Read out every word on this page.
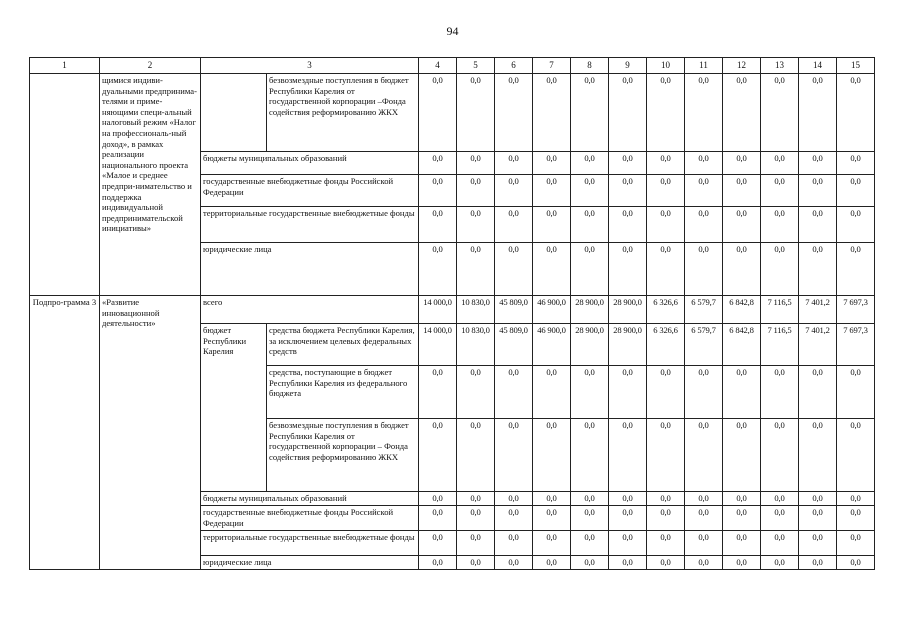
94
1	2	3		4	5	6	7	8	9	10	11	12	13	14	15
	щимися индиви-дуальными предпринима-телями и приме-няющими специ-альный налоговый режим «Налог на профессиональ-ный доход», в рамках реализации национального проекта «Малое и среднее предпри-нимательство и поддержка индивидуальной предпринимательской инициативы»		безвозмездные поступления в бюджет Республики Карелия от государственной корпорации –Фонда содействия реформированию ЖКХ	0,0	0,0	0,0	0,0	0,0	0,0	0,0	0,0	0,0	0,0	0,0	0,0
		бюджеты муниципальных образований		0,0	0,0	0,0	0,0	0,0	0,0	0,0	0,0	0,0	0,0	0,0	0,0
		государственные внебюджетные фонды Российской Федерации		0,0	0,0	0,0	0,0	0,0	0,0	0,0	0,0	0,0	0,0	0,0	0,0
		территориальные государственные внебюджетные фонды		0,0	0,0	0,0	0,0	0,0	0,0	0,0	0,0	0,0	0,0	0,0	0,0
		юридические лица		0,0	0,0	0,0	0,0	0,0	0,0	0,0	0,0	0,0	0,0	0,0	0,0
Подпро-грамма 3	«Развитие инновационной деятельности»	всего		14 000,0	10 830,0	45 809,0	46 900,0	28 900,0	28 900,0	6 326,6	6 579,7	6 842,8	7 116,5	7 401,2	7 697,3
		бюджет Республики Карелия	средства бюджета Республики Карелия, за исключением целевых федеральных средств	14 000,0	10 830,0	45 809,0	46 900,0	28 900,0	28 900,0	6 326,6	6 579,7	6 842,8	7 116,5	7 401,2	7 697,3
			средства, поступающие в бюджет Республики Карелия из федерального бюджета	0,0	0,0	0,0	0,0	0,0	0,0	0,0	0,0	0,0	0,0	0,0	0,0
			безвозмездные поступления в бюджет Республики Карелия от государственной корпорации – Фонда содействия реформированию ЖКХ	0,0	0,0	0,0	0,0	0,0	0,0	0,0	0,0	0,0	0,0	0,0	0,0
		бюджеты муниципальных образований		0,0	0,0	0,0	0,0	0,0	0,0	0,0	0,0	0,0	0,0	0,0	0,0
		государственные внебюджетные фонды Российской Федерации		0,0	0,0	0,0	0,0	0,0	0,0	0,0	0,0	0,0	0,0	0,0	0,0
		территориальные государственные внебюджетные фонды		0,0	0,0	0,0	0,0	0,0	0,0	0,0	0,0	0,0	0,0	0,0	0,0
		юридические лица		0,0	0,0	0,0	0,0	0,0	0,0	0,0	0,0	0,0	0,0	0,0	0,0
